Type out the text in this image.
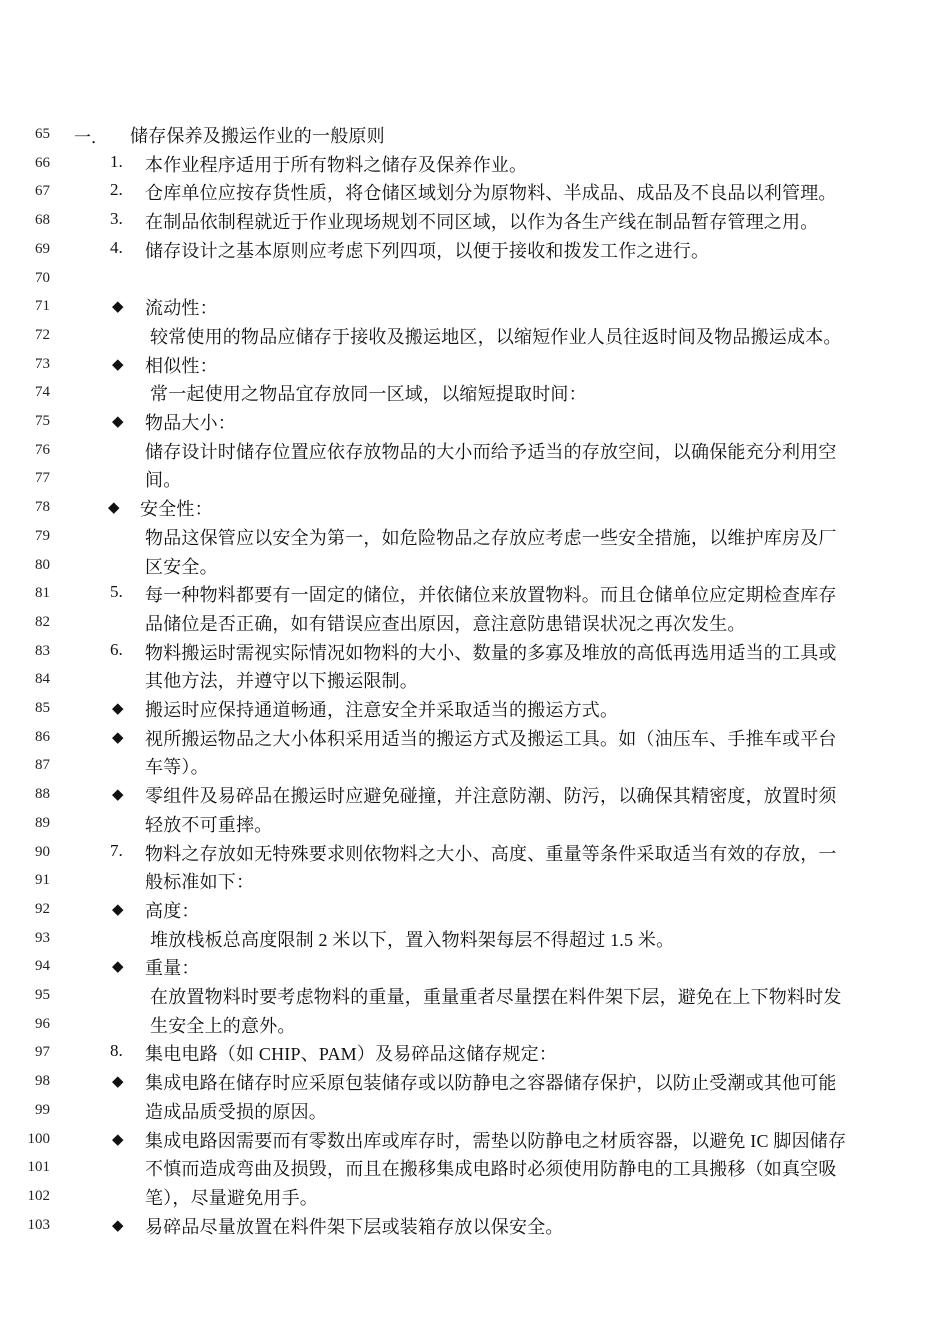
65 一． 储存保养及搬运作业的一般原则
66	1. 本作业程序适用于所有物料之储存及保养作业。
67	2. 仓库单位应按存货性质，将仓储区域划分为原物料、半成品、成品及不良品以利管理。
68	3. 在制品依制程就近于作业现场规划不同区域，以作为各生产线在制品暂存管理之用。
69	4. 储存设计之基本原则应考虑下列四项，以便于接收和拨发工作之进行。
70
71	◆ 流动性：
72	较常使用的物品应储存于接收及搬运地区，以缩短作业人员往返时间及物品搬运成本。
73	◆ 相似性：
74	常一起使用之物品宜存放同一区域，以缩短提取时间：
75	◆ 物品大小：
76	储存设计时储存位置应依存放物品的大小而给予适当的存放空间，以确保能充分利用空
77	间。
78	◆ 安全性：
79	物品这保管应以安全为第一，如危险物品之存放应考虑一些安全措施，以维护库房及厂
80	区安全。
81	5. 每一种物料都要有一固定的储位，并依储位来放置物料。而且仓储单位应定期检查库存
82	品储位是否正确，如有错误应查出原因，意注意防患错误状况之再次发生。
83	6. 物料搬运时需视实际情况如物料的大小、数量的多寡及堆放的高低再选用适当的工具或
84	其他方法，并遵守以下搬运限制。
85	◆ 搬运时应保持通道畅通，注意安全并采取适当的搬运方式。
86	◆ 视所搬运物品之大小体积采用适当的搬运方式及搬运工具。如（油压车、手推车或平台
87	车等）。
88	◆ 零组件及易碎品在搬运时应避免碰撞，并注意防潮、防污，以确保其精密度，放置时须
89	轻放不可重摔。
90	7. 物料之存放如无特殊要求则依物料之大小、高度、重量等条件采取适当有效的存放，一
91	般标准如下：
92	◆ 高度：
93	堆放栈板总高度限制 2 米以下，置入物料架每层不得超过 1.5 米。
94	◆ 重量：
95	在放置物料时要考虑物料的重量，重量重者尽量摆在料件架下层，避免在上下物料时发
96	生安全上的意外。
97	8. 集电电路（如 CHIP、PAM）及易碎品这储存规定：
98	◆ 集成电路在储存时应采原包装储存或以防静电之容器储存保护，以防止受潮或其他可能
99	造成品质受损的原因。
100	◆ 集成电路因需要而有零数出库或库存时，需垫以防静电之材质容器，以避免 IC 脚因储存
101	不慎而造成弯曲及损毁，而且在搬移集成电路时必须使用防静电的工具搬移（如真空吸
102	笔），尽量避免用手。
103	◆ 易碎品尽量放置在料件架下层或装箱存放以保安全。
